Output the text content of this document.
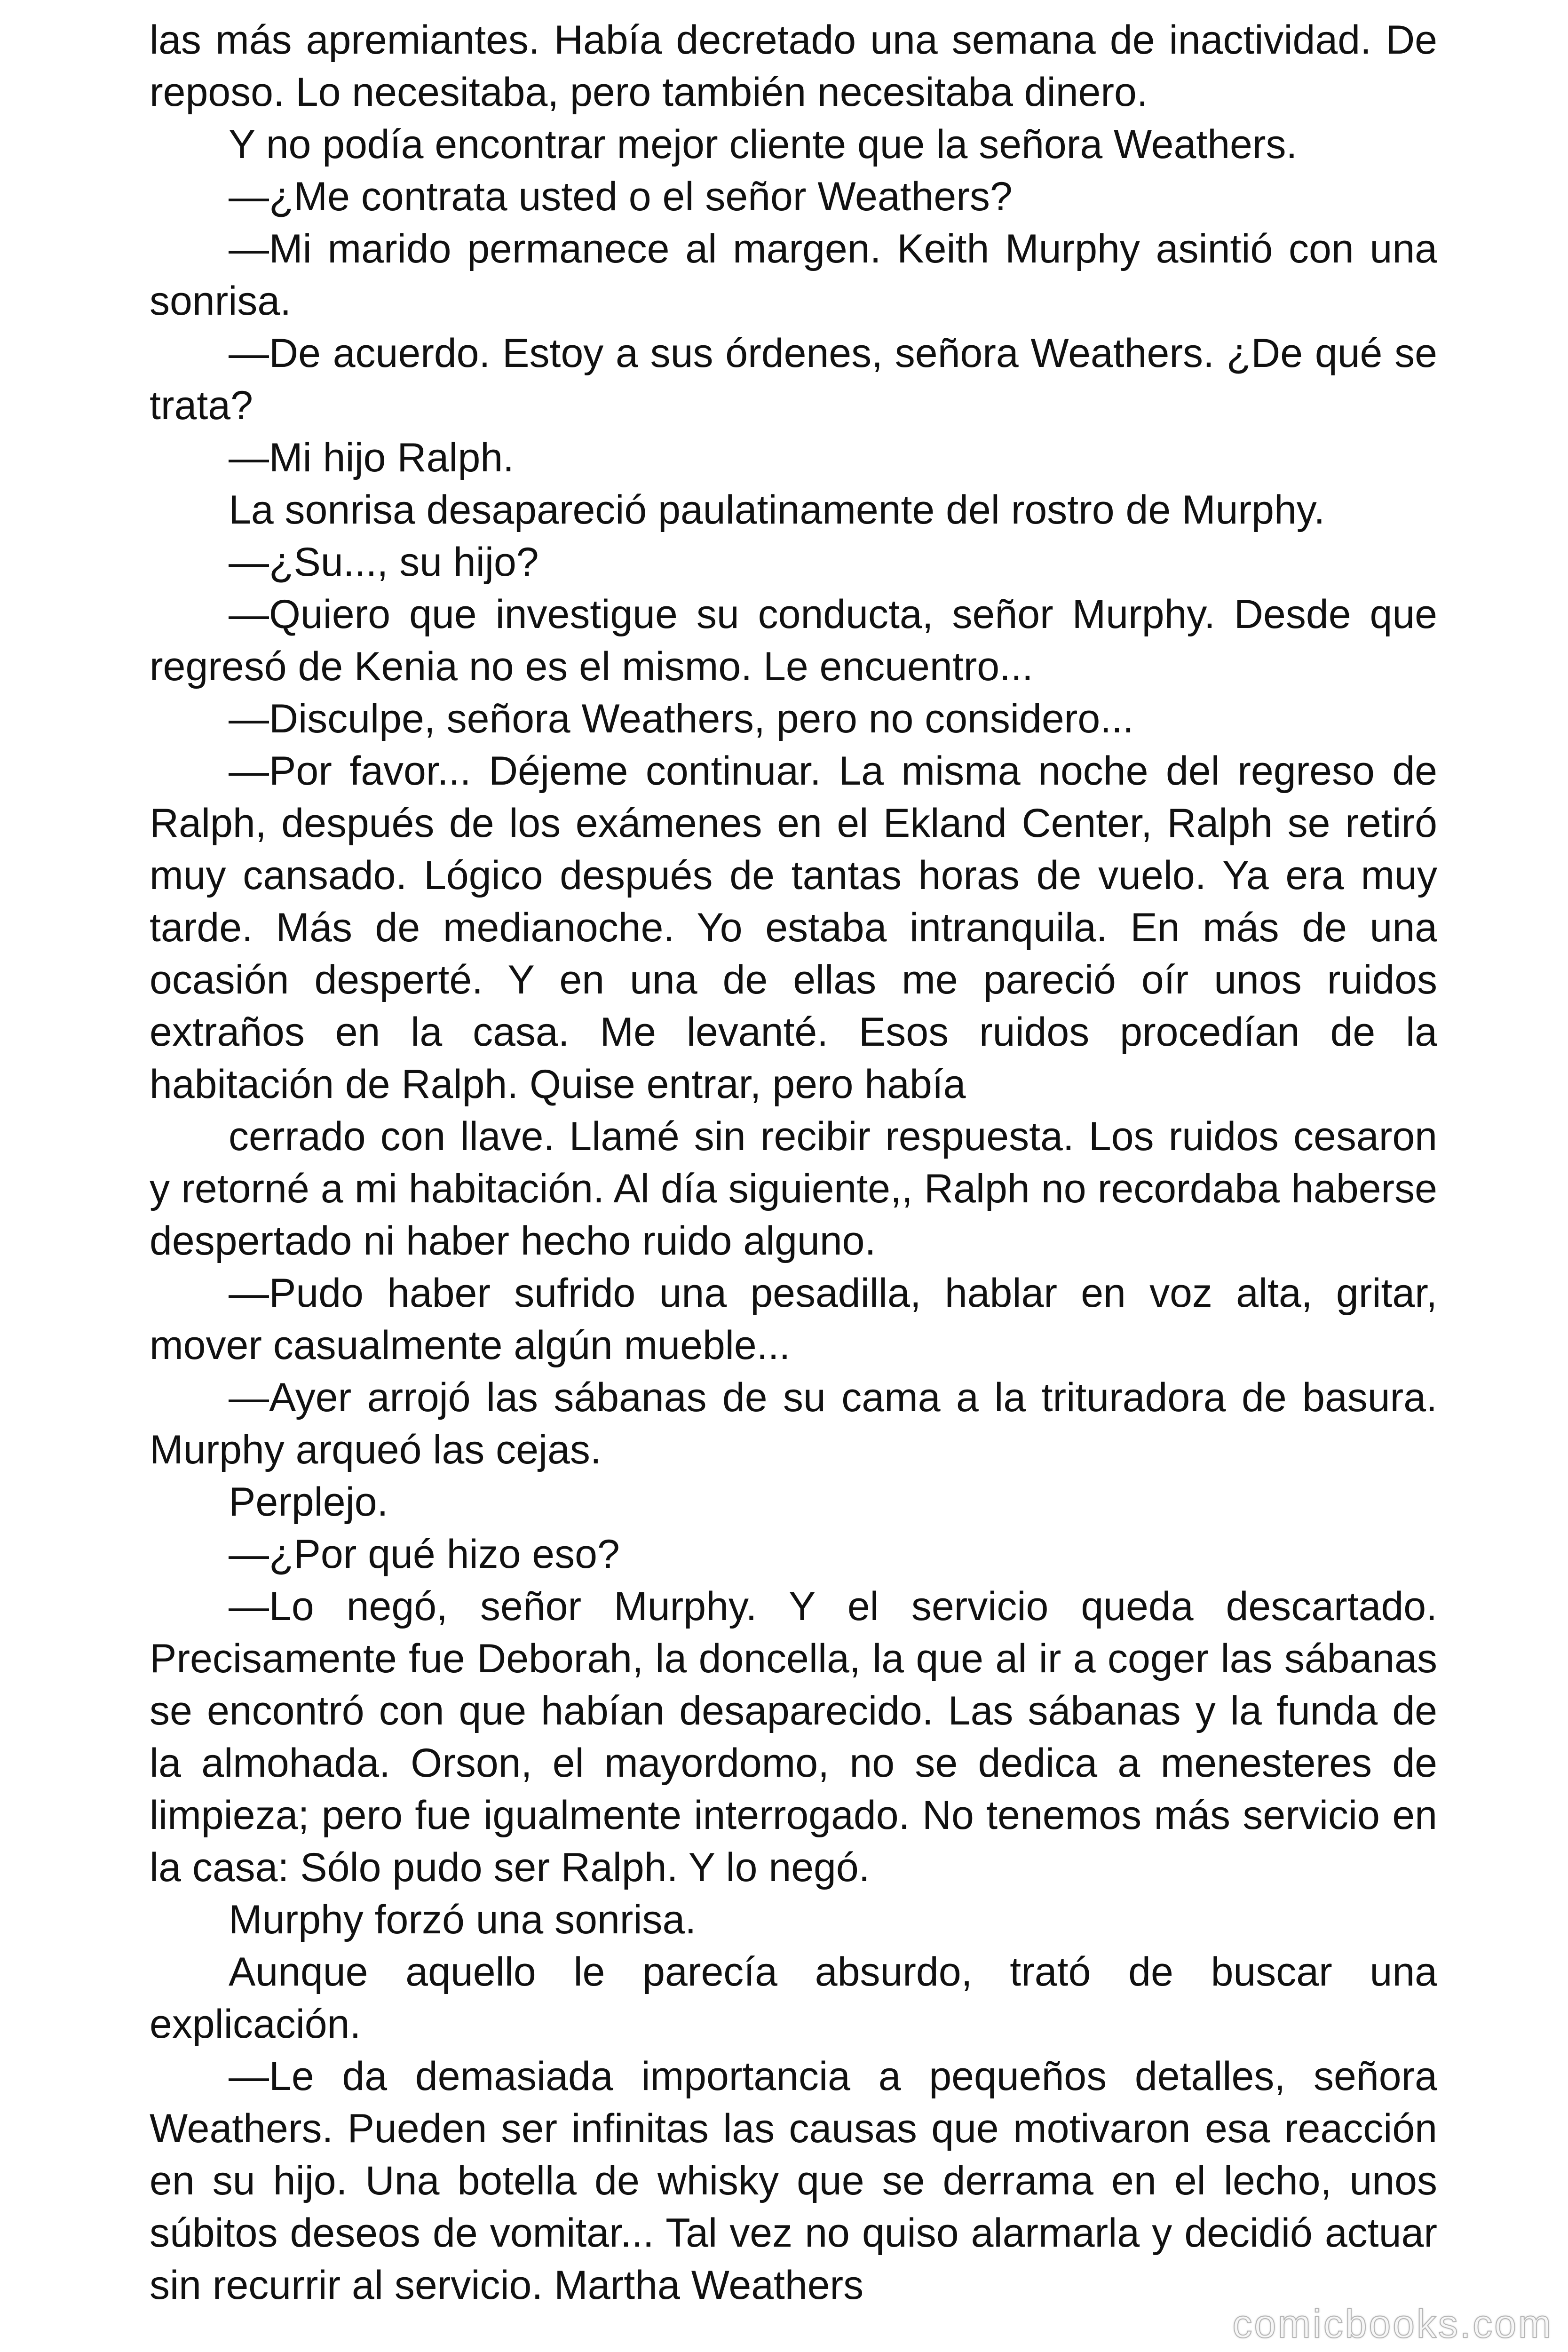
las más apremiantes. Había decretado una semana de inactividad. De reposo. Lo necesitaba, pero también necesitaba dinero.

Y no podía encontrar mejor cliente que la señora Weathers.

—¿Me contrata usted o el señor Weathers?

—Mi marido permanece al margen. Keith Murphy asintió con una sonrisa.

—De acuerdo. Estoy a sus órdenes, señora Weathers. ¿De qué se trata?

—Mi hijo Ralph.

La sonrisa desapareció paulatinamente del rostro de Murphy.

—¿Su..., su hijo?

—Quiero que investigue su conducta, señor Murphy. Desde que regresó de Kenia no es el mismo. Le encuentro...

—Disculpe, señora Weathers, pero no considero...

—Por favor... Déjeme continuar. La misma noche del regreso de Ralph, después de los exámenes en el Ekland Center, Ralph se retiró muy cansado. Lógico después de tantas horas de vuelo. Ya era muy tarde. Más de medianoche. Yo estaba intranquila. En más de una ocasión desperté. Y en una de ellas me pareció oír unos ruidos extraños en la casa. Me levanté. Esos ruidos procedían de la habitación de Ralph. Quise entrar, pero había

cerrado con llave. Llamé sin recibir respuesta. Los ruidos cesaron y retorné a mi habitación. Al día siguiente,, Ralph no recordaba haberse despertado ni haber hecho ruido alguno.

—Pudo haber sufrido una pesadilla, hablar en voz alta, gritar, mover casualmente algún mueble...

—Ayer arrojó las sábanas de su cama a la trituradora de basura. Murphy arqueó las cejas.

Perplejo.

—¿Por qué hizo eso?

—Lo negó, señor Murphy. Y el servicio queda descartado. Precisamente fue Deborah, la doncella, la que al ir a coger las sábanas se encontró con que habían desaparecido. Las sábanas y la funda de la almohada. Orson, el mayordomo, no se dedica a menesteres de limpieza; pero fue igualmente interrogado. No tenemos más servicio en la casa: Sólo pudo ser Ralph. Y lo negó.

Murphy forzó una sonrisa.

Aunque aquello le parecía absurdo, trató de buscar una explicación.

—Le da demasiada importancia a pequeños detalles, señora Weathers. Pueden ser infinitas las causas que motivaron esa reacción en su hijo. Una botella de whisky que se derrama en el lecho, unos súbitos deseos de vomitar... Tal vez no quiso alarmarla y decidió actuar sin recurrir al servicio. Martha Weathers

comicbooks.com
